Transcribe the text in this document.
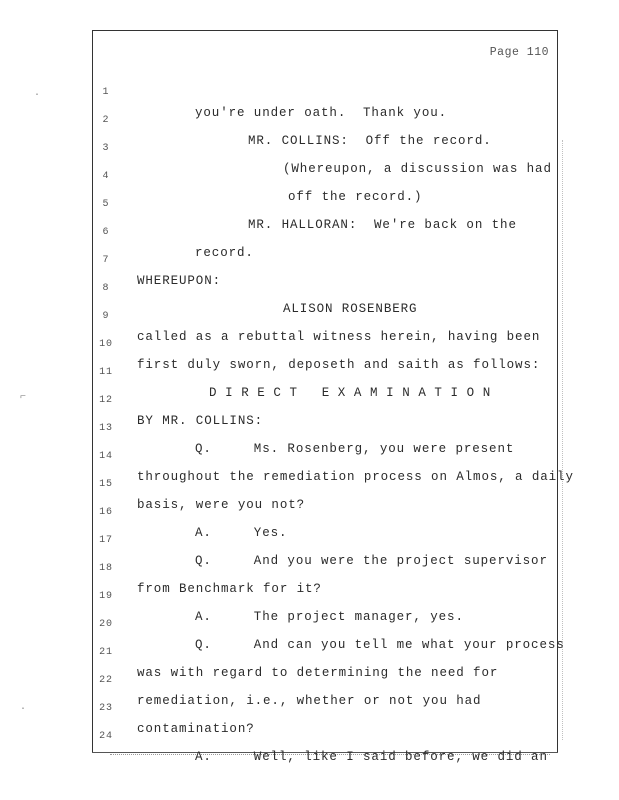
·
⌐
·
Page 110

1

you're under oath.  Thank you.

2

MR. COLLINS:  Off the record.

3

(Whereupon, a discussion was had

4

off the record.)

5

MR. HALLORAN:  We're back on the

6

record.

7

WHEREUPON:

8

ALISON ROSENBERG

9

called as a rebuttal witness herein, having been

10

first duly sworn, deposeth and saith as follows:

11

DIRECT EXAMINATION

12

BY MR. COLLINS:

13

Q.     Ms. Rosenberg, you were present

14

throughout the remediation process on Almos, a daily

15

basis, were you not?

16

A.     Yes.

17

Q.     And you were the project supervisor

18

from Benchmark for it?

19

A.     The project manager, yes.

20

Q.     And can you tell me what your process

21

was with regard to determining the need for

22

remediation, i.e., whether or not you had

23

contamination?

24

A.     Well, like I said before, we did an
